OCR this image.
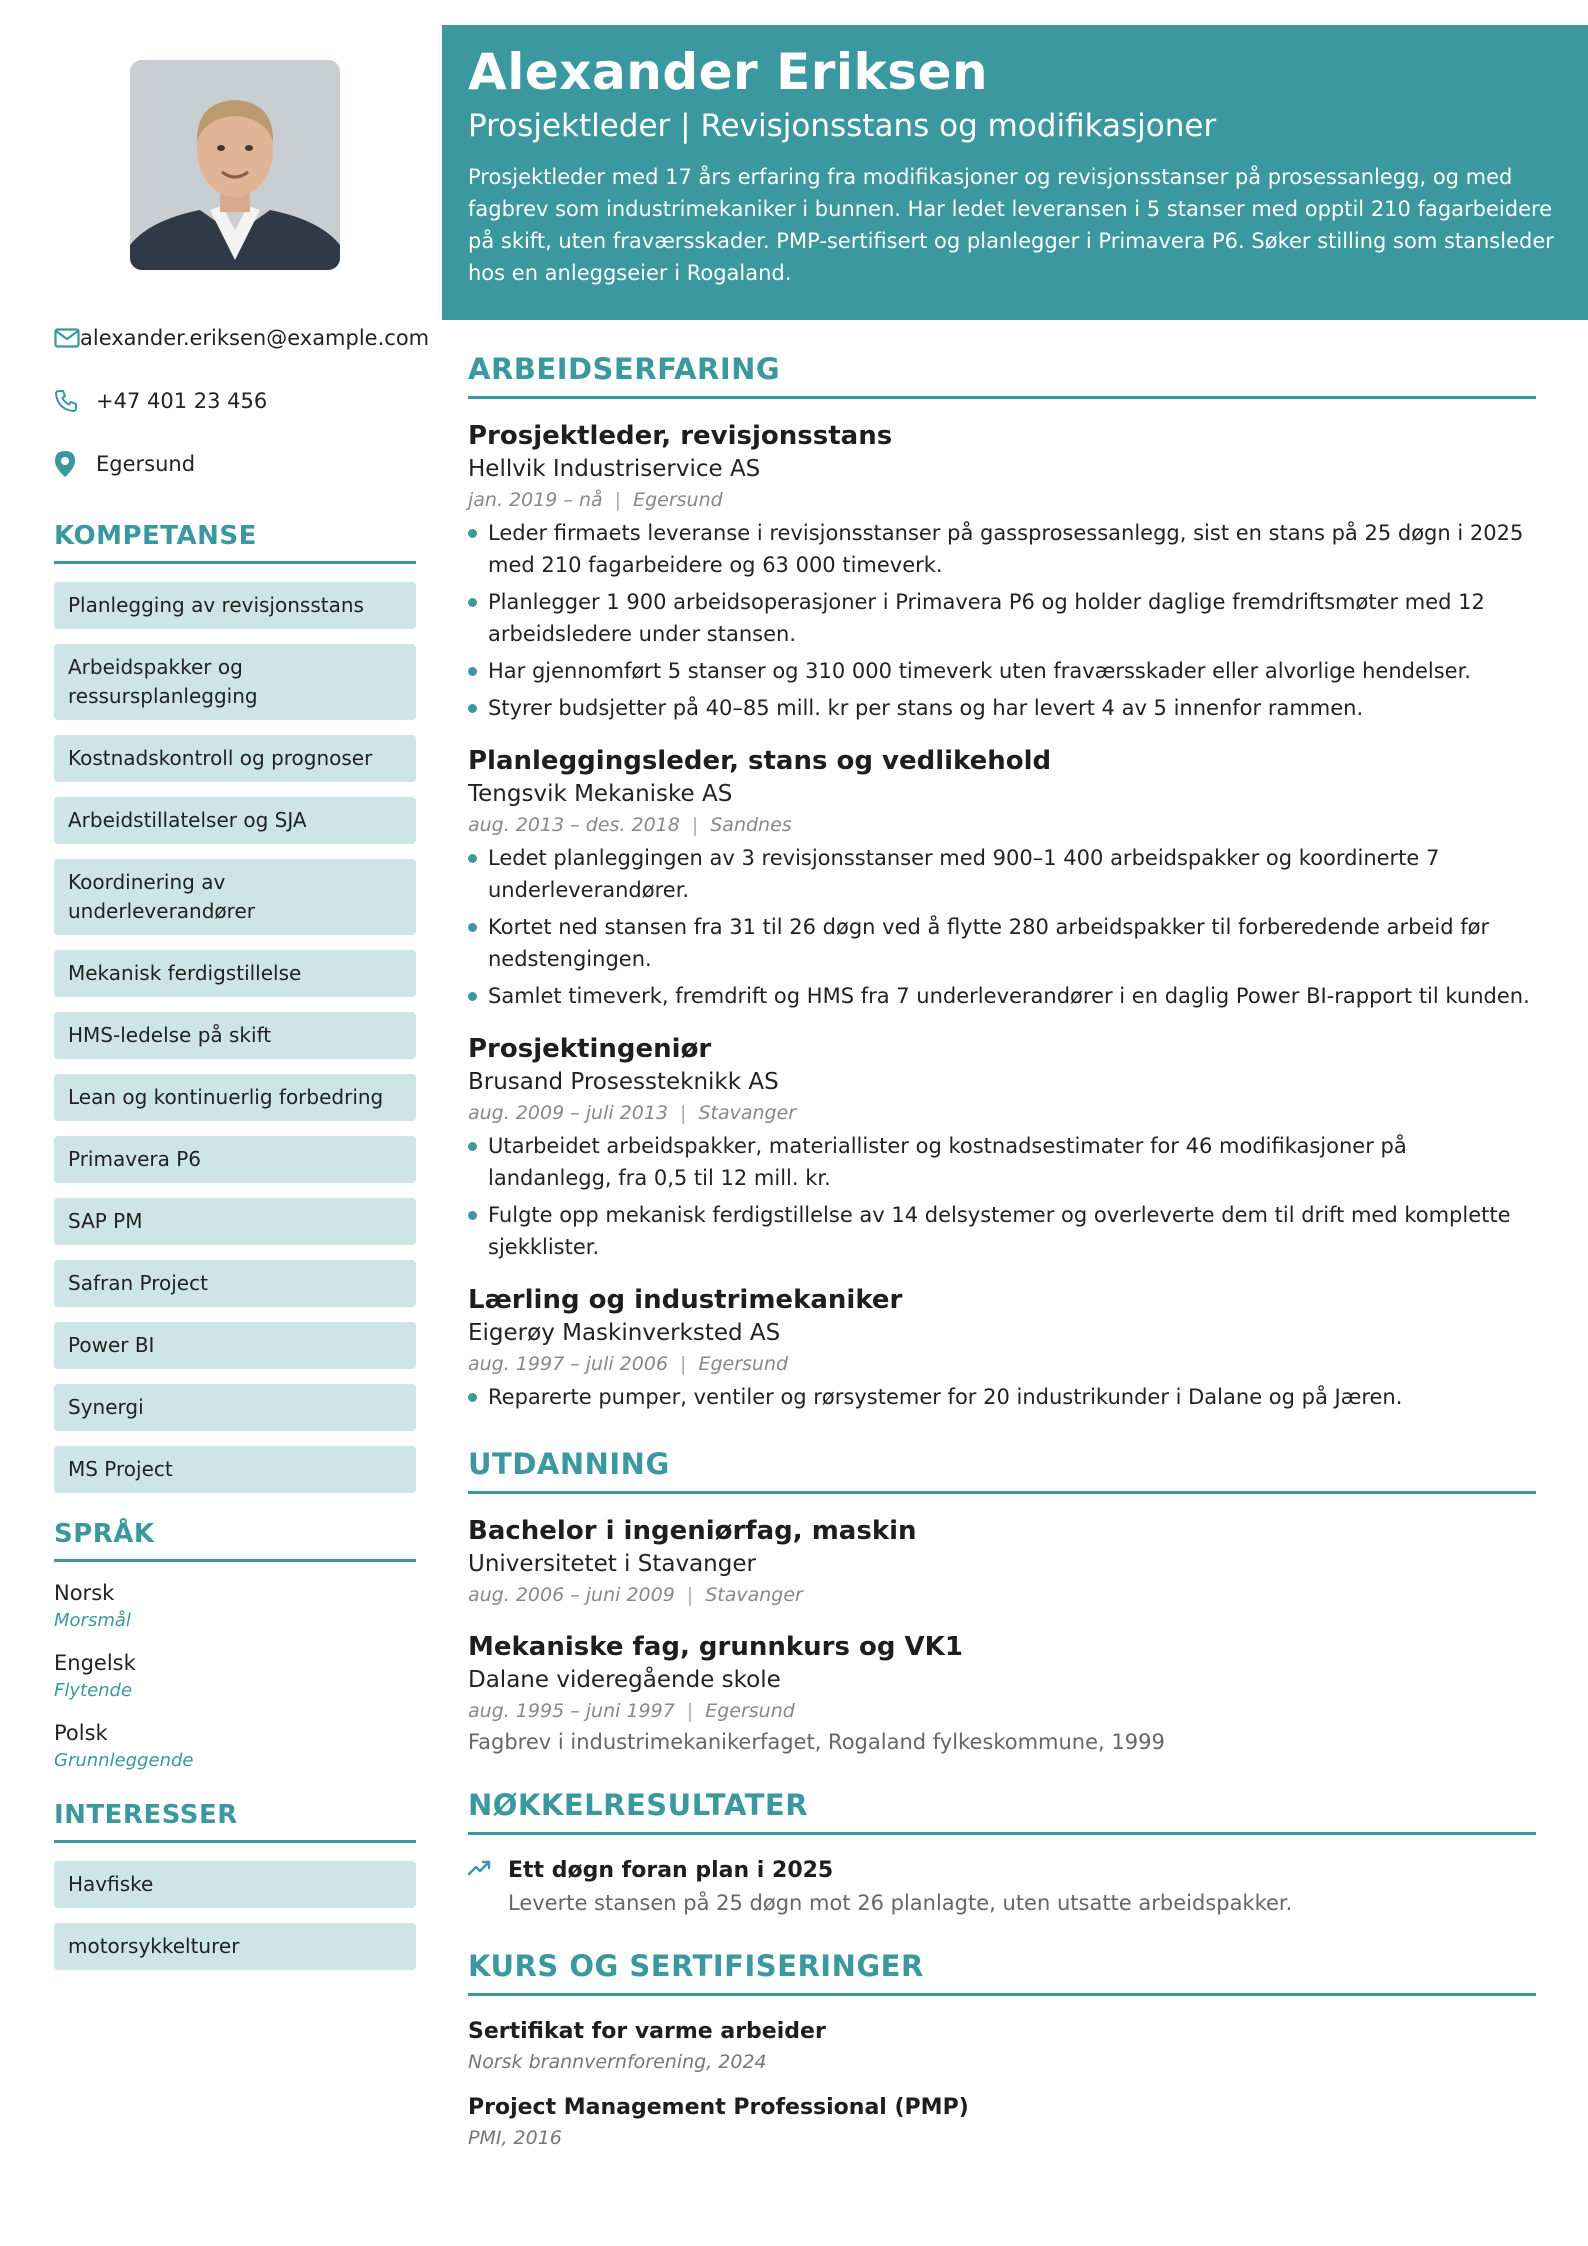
alexander.eriksen@example.com
+47 401 23 456
Egersund
KOMPETANSE
Planlegging av revisjonsstans
Arbeidspakker og ressursplanlegging
Kostnadskontroll og prognoser
Arbeidstillatelser og SJA
Koordinering av underleverandører
Mekanisk ferdigstillelse
HMS-ledelse på skift
Lean og kontinuerlig forbedring
Primavera P6
SAP PM
Safran Project
Power BI
Synergi
MS Project
SPRÅK
Norsk
Morsmål
Engelsk
Flytende
Polsk
Grunnleggende
INTERESSER
Havfiske
motorsykkelturer
Alexander Eriksen
Prosjektleder | Revisjonsstans og modifikasjoner

Prosjektleder med 17 års erfaring fra modifikasjoner og revisjonsstanser på prosessanlegg, og med fagbrev som industrimekaniker i bunnen. Har ledet leveransen i 5 stanser med opptil 210 fagarbeidere på skift, uten fraværsskader. PMP-sertifisert og planlegger i Primavera P6. Søker stilling som stansleder hos en anleggseier i Rogaland.

ARBEIDSERFARING
Prosjektleder, revisjonsstans
Hellvik Industriservice AS
jan. 2019 – nå | Egersund
Leder firmaets leveranse i revisjonsstanser på gassprosessanlegg, sist en stans på 25 døgn i 2025 med 210 fagarbeidere og 63 000 timeverk.
Planlegger 1 900 arbeidsoperasjoner i Primavera P6 og holder daglige fremdriftsmøter med 12 arbeidsledere under stansen.
Har gjennomført 5 stanser og 310 000 timeverk uten fraværsskader eller alvorlige hendelser.
Styrer budsjetter på 40–85 mill. kr per stans og har levert 4 av 5 innenfor rammen.
Planleggingsleder, stans og vedlikehold
Tengsvik Mekaniske AS
aug. 2013 – des. 2018 | Sandnes
Ledet planleggingen av 3 revisjonsstanser med 900–1 400 arbeidspakker og koordinerte 7 underleverandører.
Kortet ned stansen fra 31 til 26 døgn ved å flytte 280 arbeidspakker til forberedende arbeid før nedstengingen.
Samlet timeverk, fremdrift og HMS fra 7 underleverandører i en daglig Power BI-rapport til kunden.
Prosjektingeniør
Brusand Prosessteknikk AS
aug. 2009 – juli 2013 | Stavanger
Utarbeidet arbeidspakker, materiallister og kostnadsestimater for 46 modifikasjoner på landanlegg, fra 0,5 til 12 mill. kr.
Fulgte opp mekanisk ferdigstillelse av 14 delsystemer og overleverte dem til drift med komplette sjekklister.
Lærling og industrimekaniker
Eigerøy Maskinverksted AS
aug. 1997 – juli 2006 | Egersund
Reparerte pumper, ventiler og rørsystemer for 20 industrikunder i Dalane og på Jæren.
UTDANNING
Bachelor i ingeniørfag, maskin
Universitetet i Stavanger
aug. 2006 – juni 2009 | Stavanger
Mekaniske fag, grunnkurs og VK1
Dalane videregående skole
aug. 1995 – juni 1997 | Egersund
Fagbrev i industrimekanikerfaget, Rogaland fylkeskommune, 1999
NØKKELRESULTATER
Ett døgn foran plan i 2025
Leverte stansen på 25 døgn mot 26 planlagte, uten utsatte arbeidspakker.
KURS OG SERTIFISERINGER
Sertifikat for varme arbeider
Norsk brannvernforening, 2024
Project Management Professional (PMP)
PMI, 2016
